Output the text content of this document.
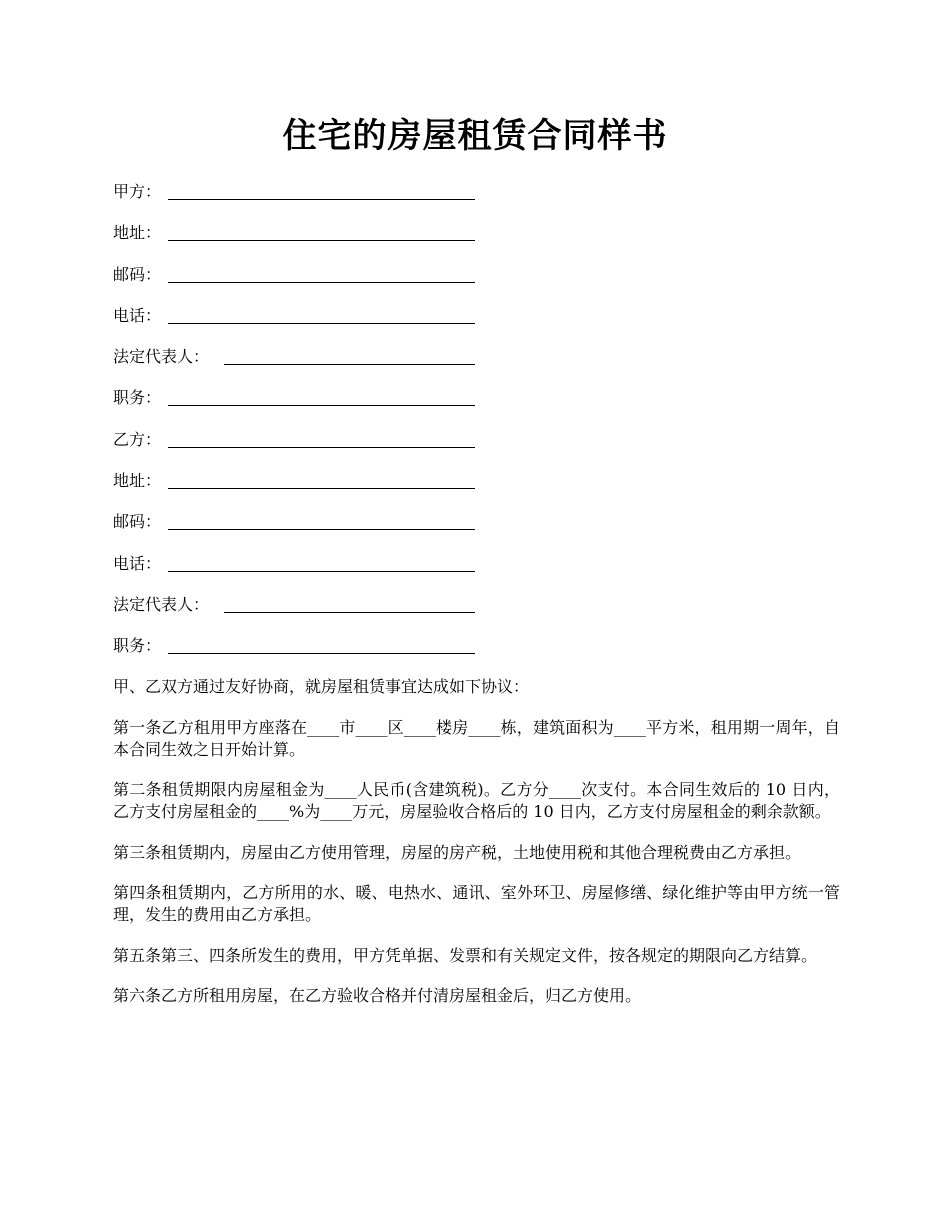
住宅的房屋租赁合同样书
甲方：
地址：
邮码：
电话：
法定代表人：
职务：
乙方：
地址：
邮码：
电话：
法定代表人：
职务：

甲、乙双方通过友好协商，就房屋租赁事宜达成如下协议：

第一条乙方租用甲方座落在____市____区____楼房____栋，建筑面积为____平方米，租用期一周年，自本合同生效之日开始计算。

第二条租赁期限内房屋租金为____人民币(含建筑税)。乙方分____次支付。本合同生效后的 10 日内，乙方支付房屋租金的____%为____万元，房屋验收合格后的 10 日内，乙方支付房屋租金的剩余款额。

第三条租赁期内，房屋由乙方使用管理，房屋的房产税，土地使用税和其他合理税费由乙方承担。

第四条租赁期内，乙方所用的水、暖、电热水、通讯、室外环卫、房屋修缮、绿化维护等由甲方统一管理，发生的费用由乙方承担。

第五条第三、四条所发生的费用，甲方凭单据、发票和有关规定文件，按各规定的期限向乙方结算。

第六条乙方所租用房屋，在乙方验收合格并付清房屋租金后，归乙方使用。
